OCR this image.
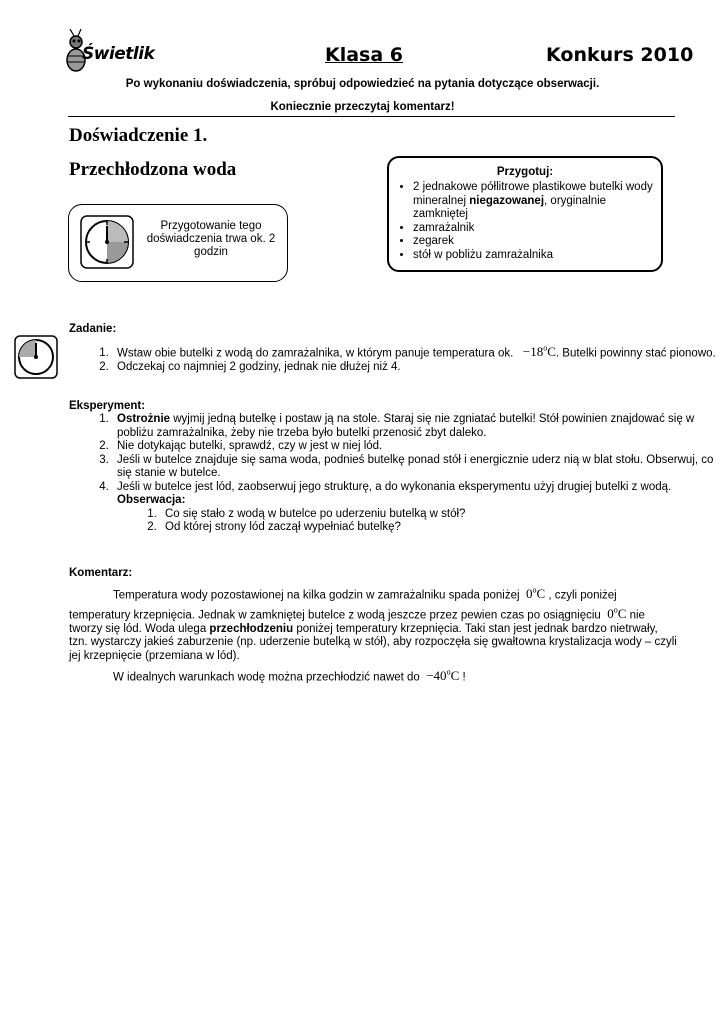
Świetlik	Klasa 6	Konkurs 2010
Po wykonaniu doświadczenia, spróbuj odpowiedzieć na pytania dotyczące obserwacji.
Koniecznie przeczytaj komentarz!
Doświadczenie 1.
Przechłodzona woda
Przygotowanie tego doświadczenia trwa ok. 2 godzin
Przygotuj:
• 2 jednakowe półlitrowe plastikowe butelki wody mineralnej niegazowanej, oryginalnie zamkniętej
• zamrażalnik
• zegarek
• stół w pobliżu zamrażalnika
Zadanie:
1. Wstaw obie butelki z wodą do zamrażalnika, w którym panuje temperatura ok. $-18^oC$. Butelki powinny stać pionowo.
2. Odczekaj co najmniej 2 godziny, jednak nie dłużej niż 4.
Eksperyment:
1. Ostrożnie wyjmij jedną butelkę i postaw ją na stole. Staraj się nie zgniatać butelki! Stół powinien znajdować się w pobliżu zamrażalnika, żeby nie trzeba było butelki przenosić zbyt daleko.
2. Nie dotykając butelki, sprawdź, czy w jest w niej lód.
3. Jeśli w butelce znajduje się sama woda, podnieś butelkę ponad stół i energicznie uderz nią w blat stołu. Obserwuj, co się stanie w butelce.
4. Jeśli w butelce jest lód, zaobserwuj jego strukturę, a do wykonania eksperymentu użyj drugiej butelki z wodą.
Obserwacja:
1. Co się stało z wodą w butelce po uderzeniu butelką w stół?
2. Od której strony lód zaczął wypełniać butelkę?
Komentarz:
Temperatura wody pozostawionej na kilka godzin w zamrażalniku spada poniżej 0$^o$C , czyli poniżej
temperatury krzepnięcia. Jednak w zamkniętej butelce z wodą jeszcze przez pewien czas po osiągnięciu 0$^o$C nie tworzy się lód. Woda ulega przechłodzeniu poniżej temperatury krzepnięcia. Taki stan jest jednak bardzo nietrwały, tzn. wystarczy jakieś zaburzenie (np. uderzenie butelką w stół), aby rozpoczęła się gwałtowna krystalizacja wody – czyli jej krzepnięcie (przemiana w lód).
W idealnych warunkach wodę można przechłodzić nawet do $-40^oC$ !
